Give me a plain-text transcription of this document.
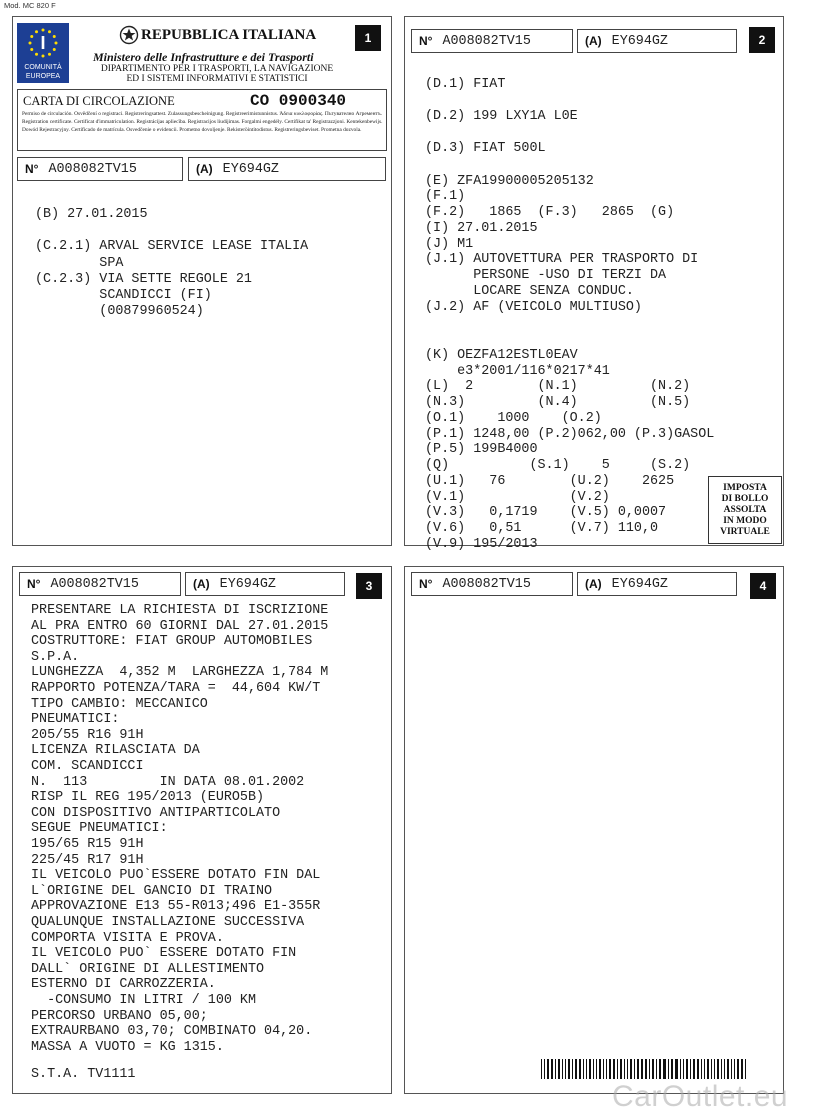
Mod. MC 820 F
I
COMUNITÀ
EUROPEA
REPUBBLICA ITALIANA
Ministero delle Infrastrutture e dei Trasporti
DIPARTIMENTO PER I TRASPORTI, LA NAVIGAZIONE
ED I SISTEMI INFORMATIVI E STATISTICI
1
CARTA DI CIRCOLAZIONE	CO 0900340
Permiso de circulación. Osvědčení o registraci. Registreringsattest. Zulassungsbescheinigung. Registreerimistunnistus. Άδεια κυκλοφορίας. Пътувателно Агрементъ. Registration certificate. Certificat d'immatriculation. Registrácijas apliecība. Registracijos liudijimas. Forgalmi engedély. Certifikat ta' Registrazzjoni. Kentekenbewijs. Dowód Rejestracyjny. Certificado de matrícula. Osvedčenie o evidencii. Prometno dovoljenje. Rekisteröintitodistus. Registreringsbeviset. Prometna dozvola.
N° A008082TV15	(A) EY694GZ
(B) 27.01.2015
(C.2.1) ARVAL SERVICE LEASE ITALIA
SPA
(C.2.3) VIA SETTE REGOLE 21
SCANDICCI (FI)
(00879960524)
N° A008082TV15	(A) EY694GZ	2
(D.1) FIAT
(D.2) 199 LXY1A L0E
(D.3) FIAT 500L
(E) ZFA19900005205132
(F.1)
(F.2)   1865  (F.3)   2865  (G)
(I) 27.01.2015
(J) M1
(J.1) AUTOVETTURA PER TRASPORTO DI
PERSONE -USO DI TERZI DA
LOCARE SENZA CONDUC.
(J.2) AF (VEICOLO MULTIUSO)
(K) OEZFA12ESTL0EAV
e3*2001/116*0217*41
(L)  2        (N.1)         (N.2)
(N.3)         (N.4)         (N.5)
(O.1)    1000    (O.2)
(P.1) 1248,00 (P.2)062,00 (P.3)GASOL
(P.5) 199B4000
(Q)          (S.1)    5     (S.2)
(U.1)   76        (U.2)    2625
(V.1)             (V.2)
(V.3)   0,1719    (V.5) 0,0007
(V.6)   0,51      (V.7) 110,0
(V.9) 195/2013
IMPOSTA
DI BOLLO
ASSOLTA
IN MODO
VIRTUALE
N° A008082TV15	(A) EY694GZ	3
PRESENTARE LA RICHIESTA DI ISCRIZIONE
AL PRA ENTRO 60 GIORNI DAL 27.01.2015
COSTRUTTORE: FIAT GROUP AUTOMOBILES
S.P.A.
LUNGHEZZA  4,352 M  LARGHEZZA 1,784 M
RAPPORTO POTENZA/TARA =  44,604 KW/T
TIPO CAMBIO: MECCANICO
PNEUMATICI:
205/55 R16 91H
LICENZA RILASCIATA DA
COM. SCANDICCI
N.  113         IN DATA 08.01.2002
RISP IL REG 195/2013 (EURO5B)
CON DISPOSITIVO ANTIPARTICOLATO
SEGUE PNEUMATICI:
195/65 R15 91H
225/45 R17 91H
IL VEICOLO PUO`ESSERE DOTATO FIN DAL
L`ORIGINE DEL GANCIO DI TRAINO
APPROVAZIONE E13 55-R013;496 E1-355R
QUALUNQUE INSTALLAZIONE SUCCESSIVA
COMPORTA VISITA E PROVA.
IL VEICOLO PUO` ESSERE DOTATO FIN
DALL` ORIGINE DI ALLESTIMENTO
ESTERNO DI CARROZZERIA.
-CONSUMO IN LITRI / 100 KM
PERCORSO URBANO 05,00;
EXTRAURBANO 03,70; COMBINATO 04,20.
MASSA A VUOTO = KG 1315.
S.T.A. TV1111
N° A008082TV15	(A) EY694GZ	4
CarOutlet.eu
